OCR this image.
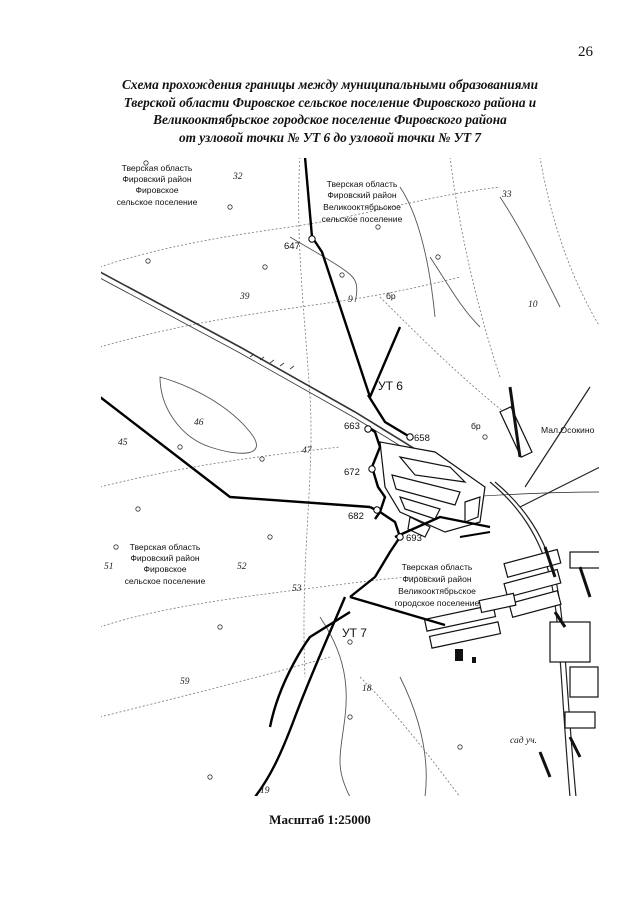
26
Схема прохождения границы между муниципальными образованиями
Тверской области Фировское сельское поселение Фировского района и
Великооктябрьское городское поселение Фировского района
от узловой точки № УТ 6 до узловой точки № УТ 7
32
33
39	9	10
46
45
47
51	52
53
59
18
19
Тверская область
Фировский район
Фировское
сельское поселение
Тверская область
Фировский район
Великооктябрьское
сельское поселение
Тверская область
Фировский район
Фировское
сельское поселение
Тверская область
Фировский район
Великооктябрьское
городское поселение
647
663
658
672
682
693
УТ 6
УТ 7
Мал.Осокино
сад уч.
бр
бр
Масштаб 1:25000
